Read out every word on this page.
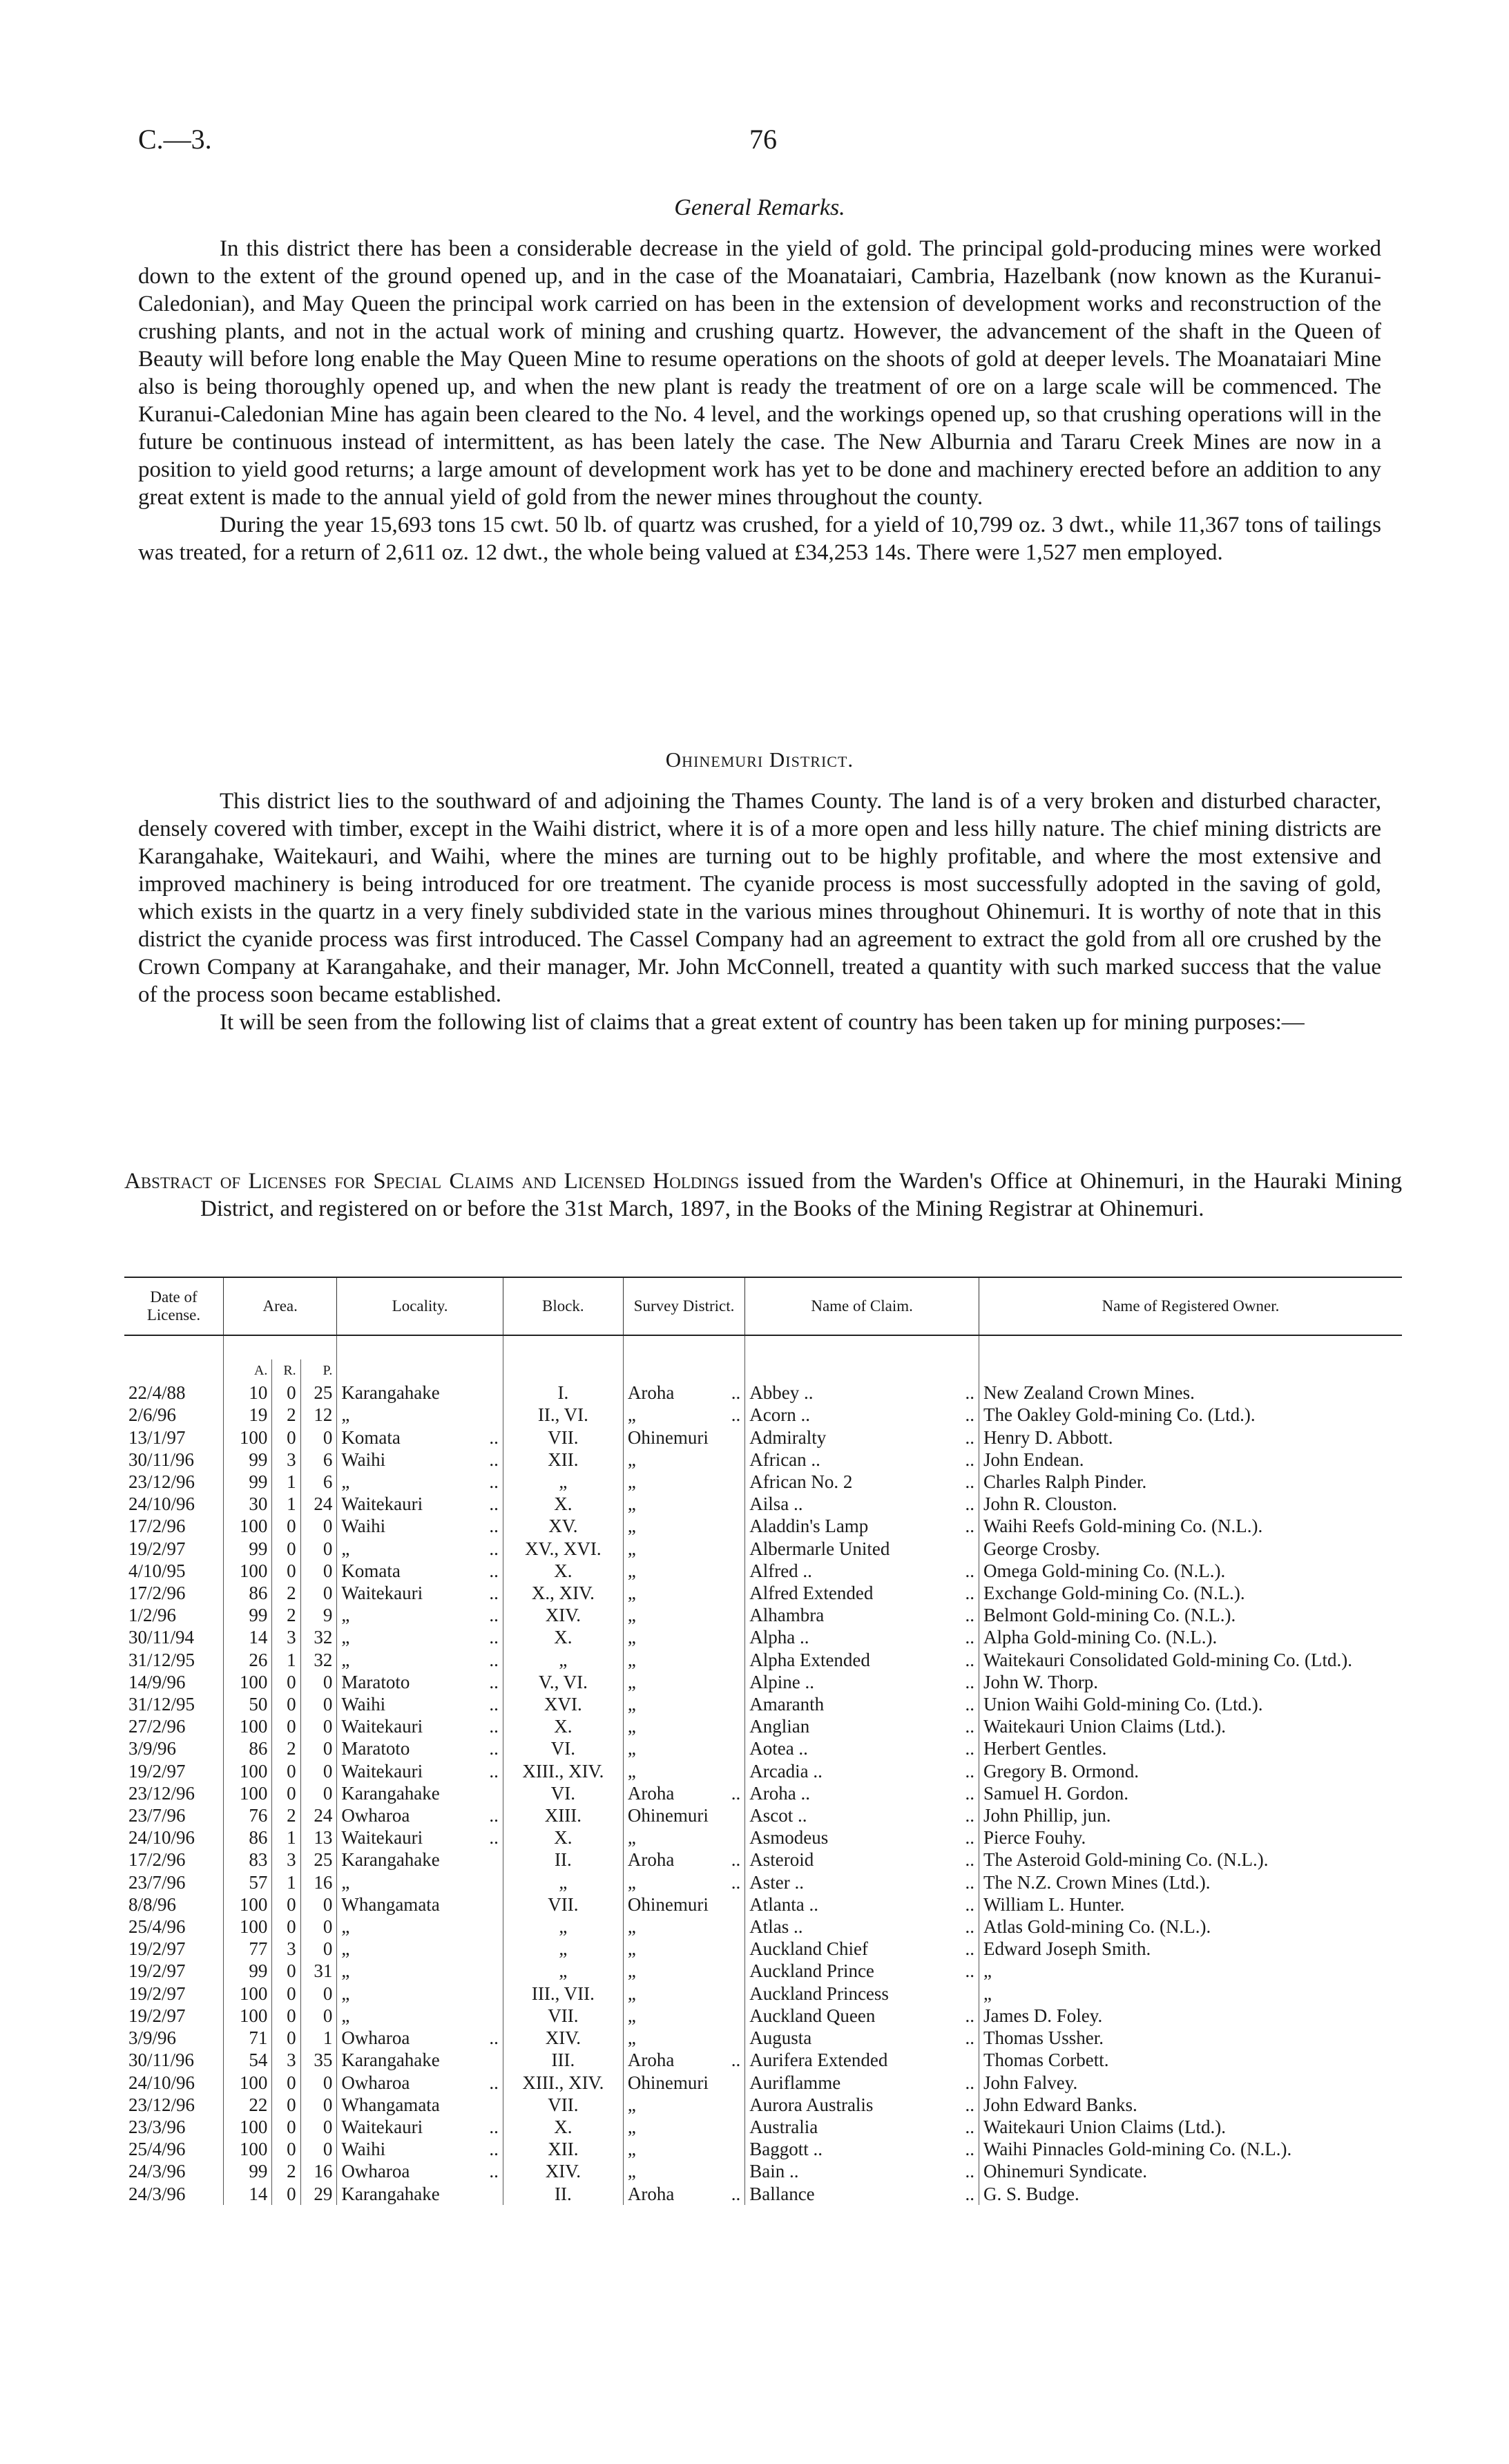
C.—3.	76
General Remarks.

In this district there has been a considerable decrease in the yield of gold. The principal gold-producing mines were worked down to the extent of the ground opened up, and in the case of the Moanataiari, Cambria, Hazelbank (now known as the Kuranui-Caledonian), and May Queen the principal work carried on has been in the extension of development works and reconstruction of the crushing plants, and not in the actual work of mining and crushing quartz. However, the advancement of the shaft in the Queen of Beauty will before long enable the May Queen Mine to resume operations on the shoots of gold at deeper levels. The Moanataiari Mine also is being thoroughly opened up, and when the new plant is ready the treatment of ore on a large scale will be commenced. The Kuranui-Caledonian Mine has again been cleared to the No. 4 level, and the workings opened up, so that crushing operations will in the future be continuous instead of intermittent, as has been lately the case. The New Alburnia and Tararu Creek Mines are now in a position to yield good returns; a large amount of development work has yet to be done and machinery erected before an addition to any great extent is made to the annual yield of gold from the newer mines throughout the county.

During the year 15,693 tons 15 cwt. 50 lb. of quartz was crushed, for a yield of 10,799 oz. 3 dwt., while 11,367 tons of tailings was treated, for a return of 2,611 oz. 12 dwt., the whole being valued at £34,253 14s. There were 1,527 men employed.

Ohinemuri District.

This district lies to the southward of and adjoining the Thames County. The land is of a very broken and disturbed character, densely covered with timber, except in the Waihi district, where it is of a more open and less hilly nature. The chief mining districts are Karangahake, Waitekauri, and Waihi, where the mines are turning out to be highly profitable, and where the most extensive and improved machinery is being introduced for ore treatment. The cyanide process is most successfully adopted in the saving of gold, which exists in the quartz in a very finely subdivided state in the various mines throughout Ohinemuri. It is worthy of note that in this district the cyanide process was first introduced. The Cassel Company had an agreement to extract the gold from all ore crushed by the Crown Company at Karangahake, and their manager, Mr. John McConnell, treated a quantity with such marked success that the value of the process soon became established.

It will be seen from the following list of claims that a great extent of country has been taken up for mining purposes:—

Abstract of Licenses for Special Claims and Licensed Holdings issued from the Warden's Office at Ohinemuri, in the Hauraki Mining District, and registered on or before the 31st March, 1897, in the Books of the Mining Registrar at Ohinemuri.
Date of License.	Area.			Locality.		Block.	Survey District.		Name of Claim.		Name of Registered Owner.

	A.	R.	P.								
22/4/88	10	0	25	Karangahake		I.	Aroha	..	Abbey ..	..	New Zealand Crown Mines.
2/6/96	19	2	12	„		II., VI.	„	..	Acorn ..	..	The Oakley Gold-mining Co. (Ltd.).
13/1/97	100	0	0	Komata	..	VII.	Ohinemuri		Admiralty	..	Henry D. Abbott.
30/11/96	99	3	6	Waihi	..	XII.	„		African ..	..	John Endean.
23/12/96	99	1	6	„	..	„	„		African No. 2	..	Charles Ralph Pinder.
24/10/96	30	1	24	Waitekauri	..	X.	„		Ailsa ..	..	John R. Clouston.
17/2/96	100	0	0	Waihi	..	XV.	„		Aladdin's Lamp	..	Waihi Reefs Gold-mining Co. (N.L.).
19/2/97	99	0	0	„	..	XV., XVI.	„		Albermarle United		George Crosby.
4/10/95	100	0	0	Komata	..	X.	„		Alfred ..	..	Omega Gold-mining Co. (N.L.).
17/2/96	86	2	0	Waitekauri	..	X., XIV.	„		Alfred Extended	..	Exchange Gold-mining Co. (N.L.).
1/2/96	99	2	9	„	..	XIV.	„		Alhambra	..	Belmont Gold-mining Co. (N.L.).
30/11/94	14	3	32	„	..	X.	„		Alpha ..	..	Alpha Gold-mining Co. (N.L.).
31/12/95	26	1	32	„	..	„	„		Alpha Extended	..	Waitekauri Consolidated Gold-mining Co. (Ltd.).
14/9/96	100	0	0	Maratoto	..	V., VI.	„		Alpine ..	..	John W. Thorp.
31/12/95	50	0	0	Waihi	..	XVI.	„		Amaranth	..	Union Waihi Gold-mining Co. (Ltd.).
27/2/96	100	0	0	Waitekauri	..	X.	„		Anglian	..	Waitekauri Union Claims (Ltd.).
3/9/96	86	2	0	Maratoto	..	VI.	„		Aotea ..	..	Herbert Gentles.
19/2/97	100	0	0	Waitekauri	..	XIII., XIV.	„		Arcadia ..	..	Gregory B. Ormond.
23/12/96	100	0	0	Karangahake		VI.	Aroha	..	Aroha ..	..	Samuel H. Gordon.
23/7/96	76	2	24	Owharoa	..	XIII.	Ohinemuri		Ascot ..	..	John Phillip, jun.
24/10/96	86	1	13	Waitekauri	..	X.	„		Asmodeus	..	Pierce Fouhy.
17/2/96	83	3	25	Karangahake		II.	Aroha	..	Asteroid	..	The Asteroid Gold-mining Co. (N.L.).
23/7/96	57	1	16	„		„	„	..	Aster ..	..	The N.Z. Crown Mines (Ltd.).
8/8/96	100	0	0	Whangamata		VII.	Ohinemuri		Atlanta ..	..	William L. Hunter.
25/4/96	100	0	0	„		„	„		Atlas ..	..	Atlas Gold-mining Co. (N.L.).
19/2/97	77	3	0	„		„	„		Auckland Chief	..	Edward Joseph Smith.
19/2/97	99	0	31	„		„	„		Auckland Prince	..	„
19/2/97	100	0	0	„		III., VII.	„		Auckland Princess		„
19/2/97	100	0	0	„		VII.	„		Auckland Queen	..	James D. Foley.
3/9/96	71	0	1	Owharoa	..	XIV.	„		Augusta	..	Thomas Ussher.
30/11/96	54	3	35	Karangahake		III.	Aroha	..	Aurifera Extended		Thomas Corbett.
24/10/96	100	0	0	Owharoa	..	XIII., XIV.	Ohinemuri		Auriflamme	..	John Falvey.
23/12/96	22	0	0	Whangamata		VII.	„		Aurora Australis	..	John Edward Banks.
23/3/96	100	0	0	Waitekauri	..	X.	„		Australia	..	Waitekauri Union Claims (Ltd.).
25/4/96	100	0	0	Waihi	..	XII.	„		Baggott ..	..	Waihi Pinnacles Gold-mining Co. (N.L.).
24/3/96	99	2	16	Owharoa	..	XIV.	„		Bain ..	..	Ohinemuri Syndicate.
24/3/96	14	0	29	Karangahake		II.	Aroha	..	Ballance	..	G. S. Budge.
